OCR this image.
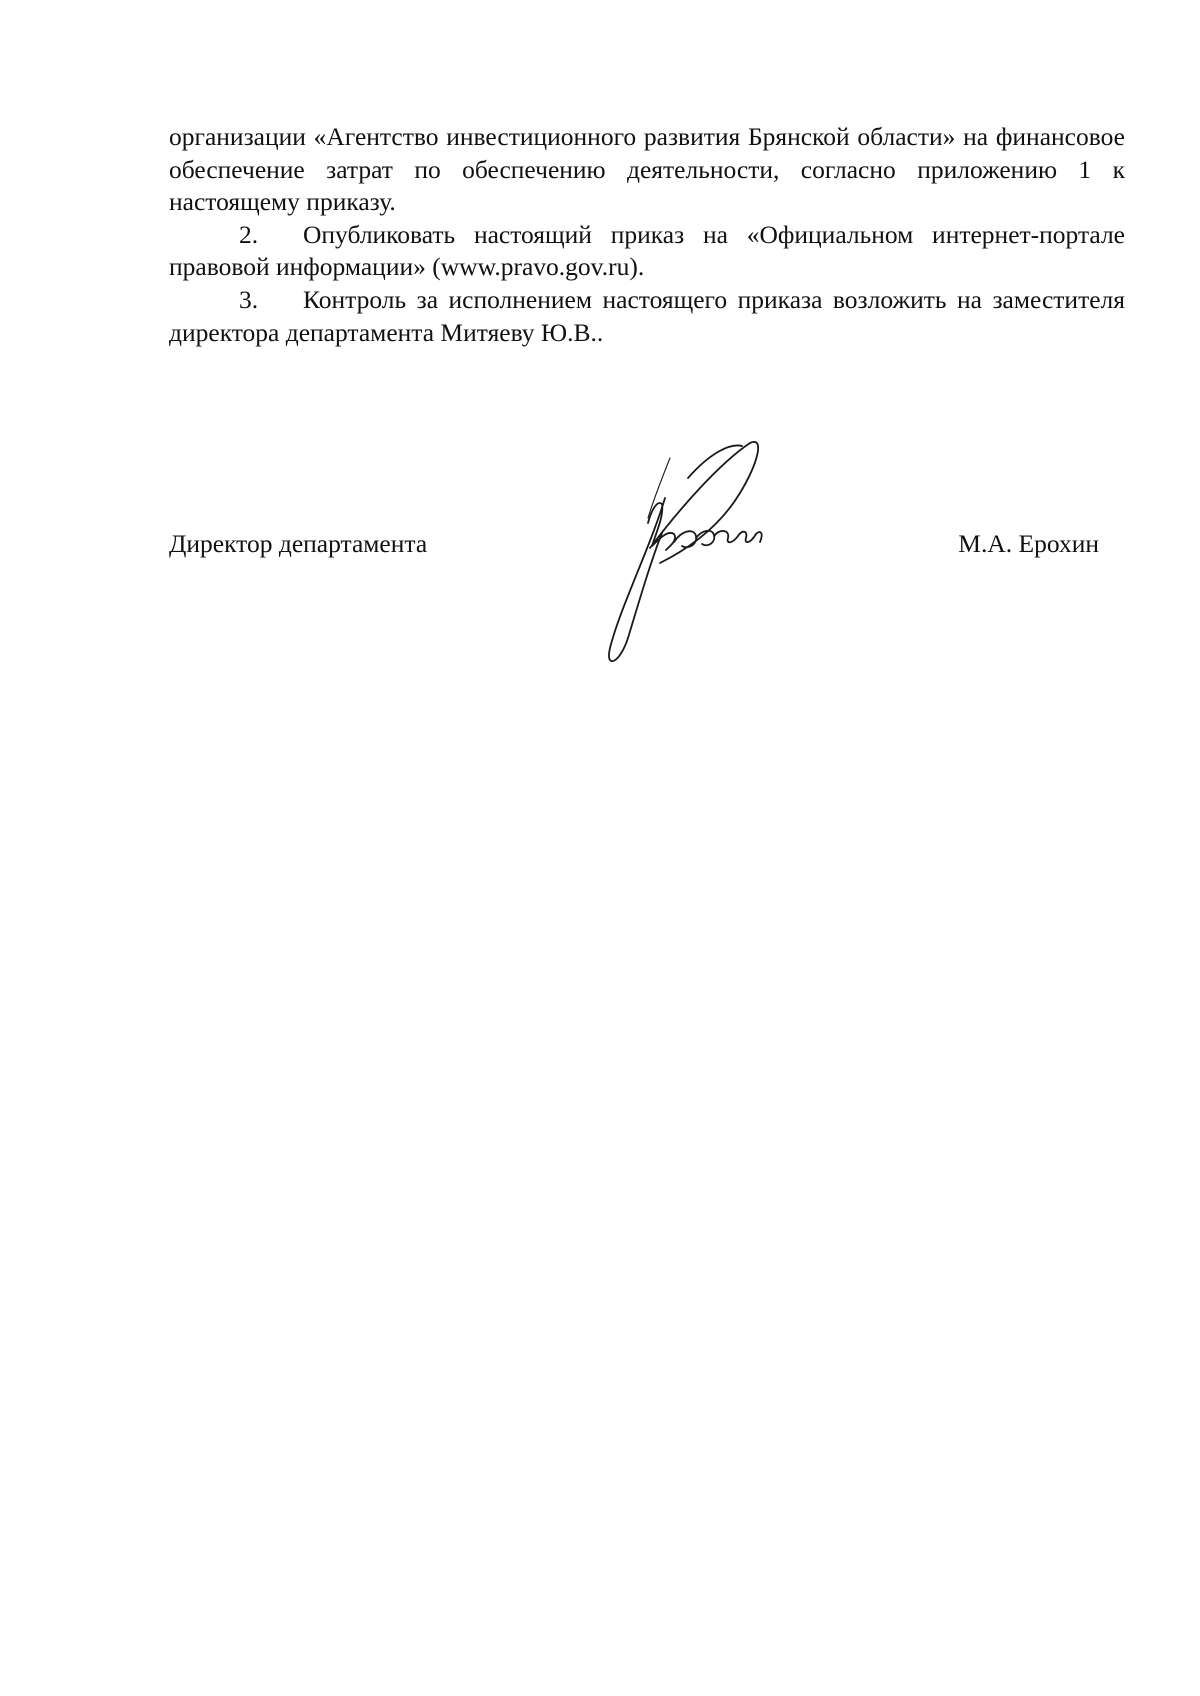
организации «Агентство инвестиционного развития Брянской области» на финансовое обеспечение затрат по обеспечению деятельности, согласно приложению 1 к настоящему приказу.

2. Опубликовать настоящий приказ на «Официальном интернет-портале правовой информации» (www.pravo.gov.ru).

3. Контроль за исполнением настоящего приказа возложить на заместителя директора департамента Митяеву Ю.В..

Директор департамента	М.А. Ерохин
